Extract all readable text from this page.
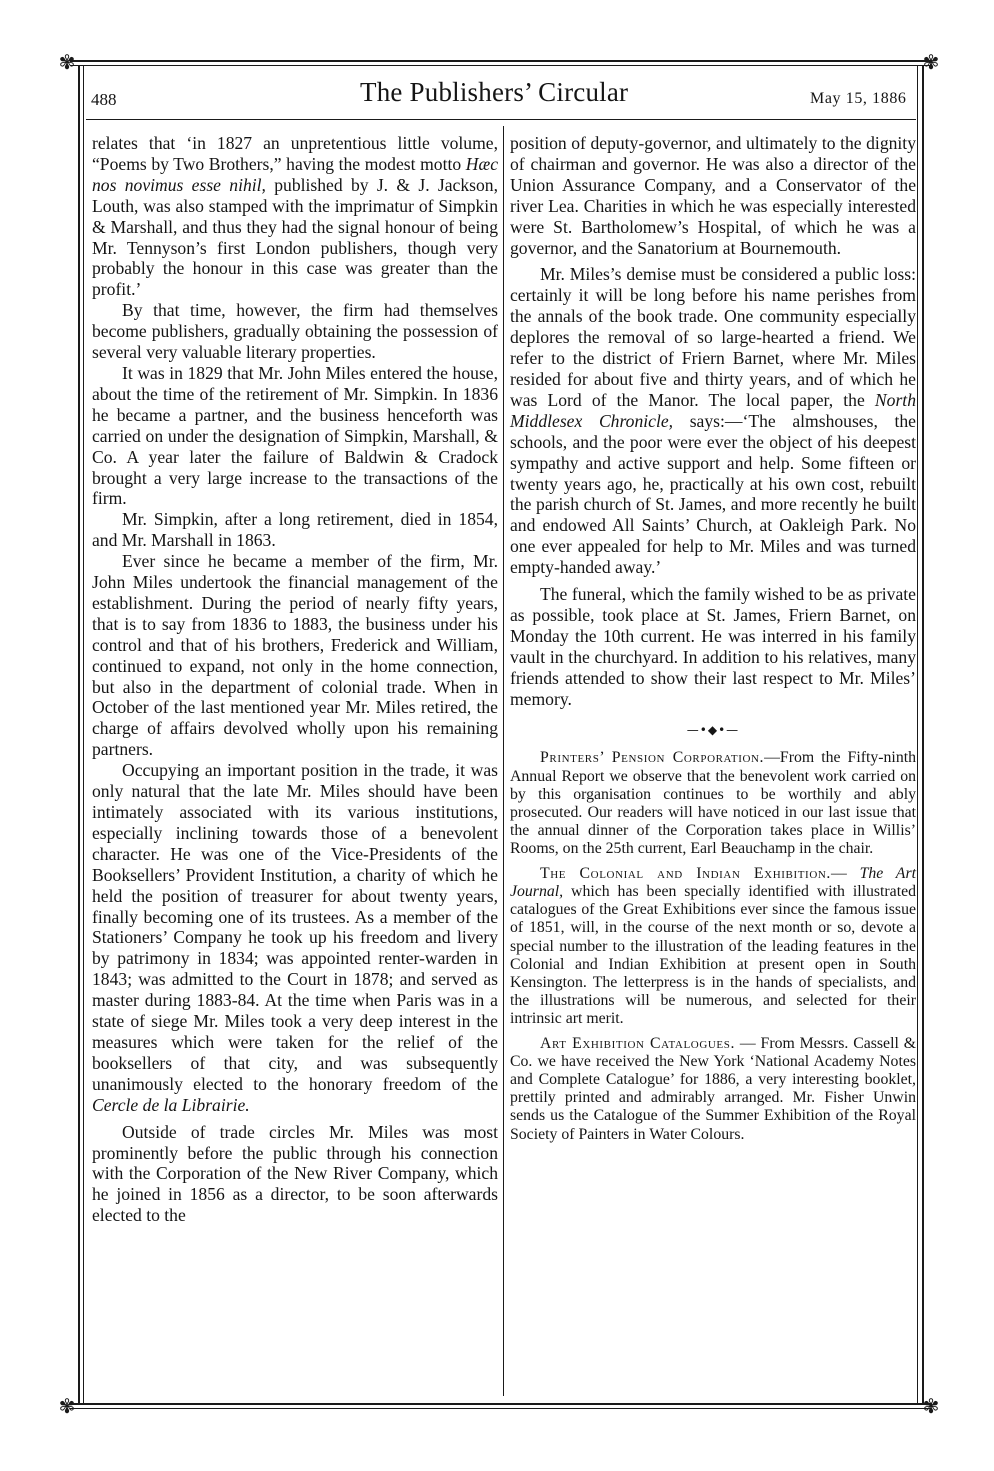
✾	✾
✾	✾
488	The Publishers’ Circular	May 15, 1886

relates that ‘in 1827 an unpretentious little volume, “Poems by Two Brothers,” having the modest motto Hæc nos novimus esse nihil, published by J. & J. Jackson, Louth, was also stamped with the imprimatur of Simpkin & Marshall, and thus they had the signal honour of being Mr. Tennyson’s first London publishers, though very probably the honour in this case was greater than the profit.’

By that time, however, the firm had themselves become publishers, gradually obtaining the possession of several very valuable literary properties.

It was in 1829 that Mr. John Miles entered the house, about the time of the retirement of Mr. Simpkin. In 1836 he became a partner, and the business henceforth was carried on under the designation of Simpkin, Marshall, & Co. A year later the failure of Baldwin & Cradock brought a very large increase to the transactions of the firm.

Mr. Simpkin, after a long retirement, died in 1854, and Mr. Marshall in 1863.

Ever since he became a member of the firm, Mr. John Miles undertook the financial management of the establishment. During the period of nearly fifty years, that is to say from 1836 to 1883, the business under his control and that of his brothers, Frederick and William, continued to expand, not only in the home connection, but also in the department of colonial trade. When in October of the last mentioned year Mr. Miles retired, the charge of affairs devolved wholly upon his remaining partners.

Occupying an important position in the trade, it was only natural that the late Mr. Miles should have been intimately associated with its various institutions, especially inclining towards those of a benevolent character. He was one of the Vice-Presidents of the Booksellers’ Provident Institution, a charity of which he held the position of treasurer for about twenty years, finally becoming one of its trustees. As a member of the Stationers’ Company he took up his freedom and livery by patrimony in 1834; was appointed renter-warden in 1843; was admitted to the Court in 1878; and served as master during 1883-84. At the time when Paris was in a state of siege Mr. Miles took a very deep interest in the measures which were taken for the relief of the booksellers of that city, and was subsequently unanimously elected to the honorary freedom of the Cercle de la Librairie.

Outside of trade circles Mr. Miles was most prominently before the public through his connection with the Corporation of the New River Company, which he joined in 1856 as a director, to be soon afterwards elected to the

position of deputy-governor, and ultimately to the dignity of chairman and governor. He was also a director of the Union Assurance Company, and a Conservator of the river Lea. Charities in which he was especially interested were St. Bartholomew’s Hospital, of which he was a governor, and the Sanatorium at Bournemouth.

Mr. Miles’s demise must be considered a public loss: certainly it will be long before his name perishes from the annals of the book trade. One community especially deplores the removal of so large-hearted a friend. We refer to the district of Friern Barnet, where Mr. Miles resided for about five and thirty years, and of which he was Lord of the Manor. The local paper, the North Middlesex Chronicle, says:—‘The almshouses, the schools, and the poor were ever the object of his deepest sympathy and active support and help. Some fifteen or twenty years ago, he, practically at his own cost, rebuilt the parish church of St. James, and more recently he built and endowed All Saints’ Church, at Oakleigh Park. No one ever appealed for help to Mr. Miles and was turned empty-handed away.’

The funeral, which the family wished to be as private as possible, took place at St. James, Friern Barnet, on Monday the 10th current. He was interred in his family vault in the churchyard. In addition to his relatives, many friends attended to show their last respect to Mr. Miles’ memory.

—•◆•—

Printers’ Pension Corporation.—From the Fifty-ninth Annual Report we observe that the benevolent work carried on by this organisation continues to be worthily and ably prosecuted. Our readers will have noticed in our last issue that the annual dinner of the Corporation takes place in Willis’ Rooms, on the 25th current, Earl Beauchamp in the chair.

The Colonial and Indian Exhibition.— The Art Journal, which has been specially identified with illustrated catalogues of the Great Exhibitions ever since the famous issue of 1851, will, in the course of the next month or so, devote a special number to the illustration of the leading features in the Colonial and Indian Exhibition at present open in South Kensington. The letterpress is in the hands of specialists, and the illustrations will be numerous, and selected for their intrinsic art merit.

Art Exhibition Catalogues. — From Messrs. Cassell & Co. we have received the New York ‘National Academy Notes and Complete Catalogue’ for 1886, a very interesting booklet, prettily printed and admirably arranged. Mr. Fisher Unwin sends us the Catalogue of the Summer Exhibition of the Royal Society of Painters in Water Colours.
